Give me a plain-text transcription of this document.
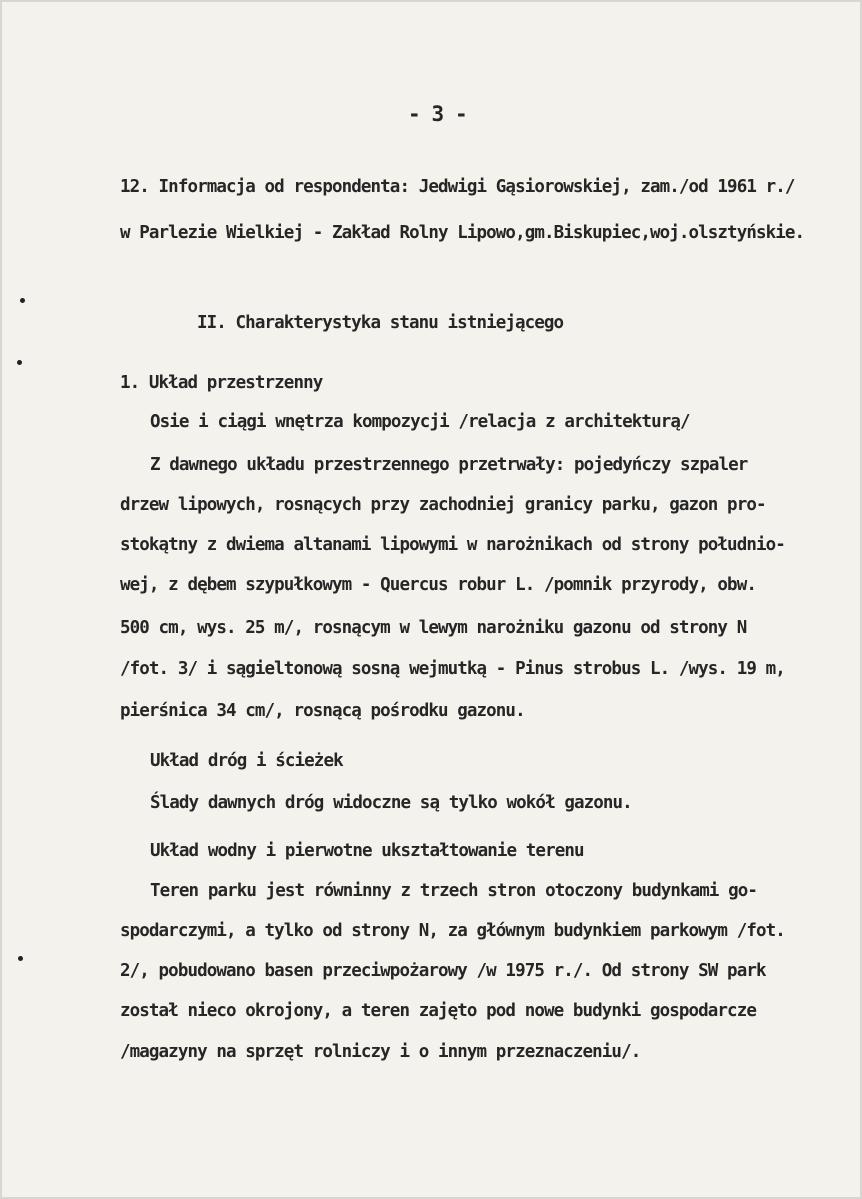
- 3 -
12. Informacja od respondenta: Jedwigi Gąsiorowskiej, zam./od 1961 r./
w Parlezie Wielkiej - Zakład Rolny Lipowo,gm.Biskupiec,woj.olsztyńskie.
II. Charakterystyka stanu istniejącego
1. Układ przestrzenny
Osie i ciągi wnętrza kompozycji /relacja z architekturą/
Z dawnego układu przestrzennego przetrwały: pojedyńczy szpaler
drzew lipowych, rosnących przy zachodniej granicy parku, gazon pro-
stokątny z dwiema altanami lipowymi w narożnikach od strony południo-
wej, z dębem szypułkowym - Quercus robur L. /pomnik przyrody, obw.
500 cm, wys. 25 m/, rosnącym w lewym narożniku gazonu od strony N
/fot. 3/ i sągieltonową sosną wejmutką - Pinus strobus L. /wys. 19 m,
pierśnica 34 cm/, rosnącą pośrodku gazonu.
Układ dróg i ścieżek
Ślady dawnych dróg widoczne są tylko wokół gazonu.
Układ wodny i pierwotne ukształtowanie terenu
Teren parku jest równinny z trzech stron otoczony budynkami go-
spodarczymi, a tylko od strony N, za głównym budynkiem parkowym /fot.
2/, pobudowano basen przeciwpożarowy /w 1975 r./. Od strony SW park
został nieco okrojony, a teren zajęto pod nowe budynki gospodarcze
/magazyny na sprzęt rolniczy i o innym przeznaczeniu/.
